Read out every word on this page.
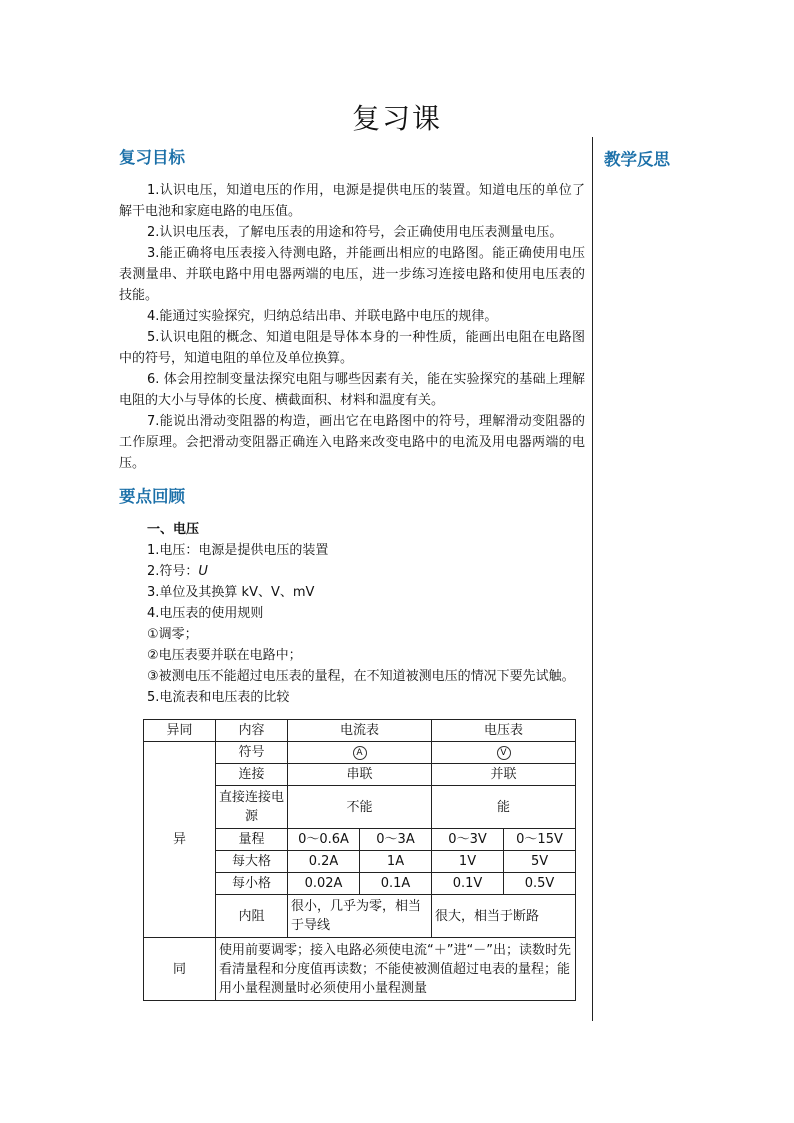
复习课
教学反思
复习目标

1.认识电压，知道电压的作用，电源是提供电压的装置。知道电压的单位了解干电池和家庭电路的电压值。

2.认识电压表，了解电压表的用途和符号，会正确使用电压表测量电压。

3.能正确将电压表接入待测电路，并能画出相应的电路图。能正确使用电压表测量串、并联电路中用电器两端的电压，进一步练习连接电路和使用电压表的技能。

4.能通过实验探究，归纳总结出串、并联电路中电压的规律。

5.认识电阻的概念、知道电阻是导体本身的一种性质，能画出电阻在电路图中的符号，知道电阻的单位及单位换算。

6. 体会用控制变量法探究电阻与哪些因素有关，能在实验探究的基础上理解电阻的大小与导体的长度、横截面积、材料和温度有关。

7.能说出滑动变阻器的构造，画出它在电路图中的符号，理解滑动变阻器的工作原理。会把滑动变阻器正确连入电路来改变电路中的电流及用电器两端的电压。

要点回顾

一、电压

1.电压：电源是提供电压的装置

2.符号：U

3.单位及其换算 kV、V、mV

4.电压表的使用规则

①调零；

②电压表要并联在电路中；

③被测电压不能超过电压表的量程，在不知道被测电压的情况下要先试触。

5.电流表和电压表的比较

异同	内容	电流表		电压表	
异	符号	A		V	
	连接	串联		并联	
	直接连接电源	不能		能	
	量程	0～0.6A	0～3A	0～3V	0～15V
	每大格	0.2A	1A	1V	5V
	每小格	0.02A	0.1A	0.1V	0.5V
	内阻	很小，几乎为零，相当于导线		很大，相当于断路	
同	使用前要调零；接入电路必须使电流“＋”进“－”出；读数时先看清量程和分度值再读数；不能使被测值超过电表的量程；能用小量程测量时必须使用小量程测量				
